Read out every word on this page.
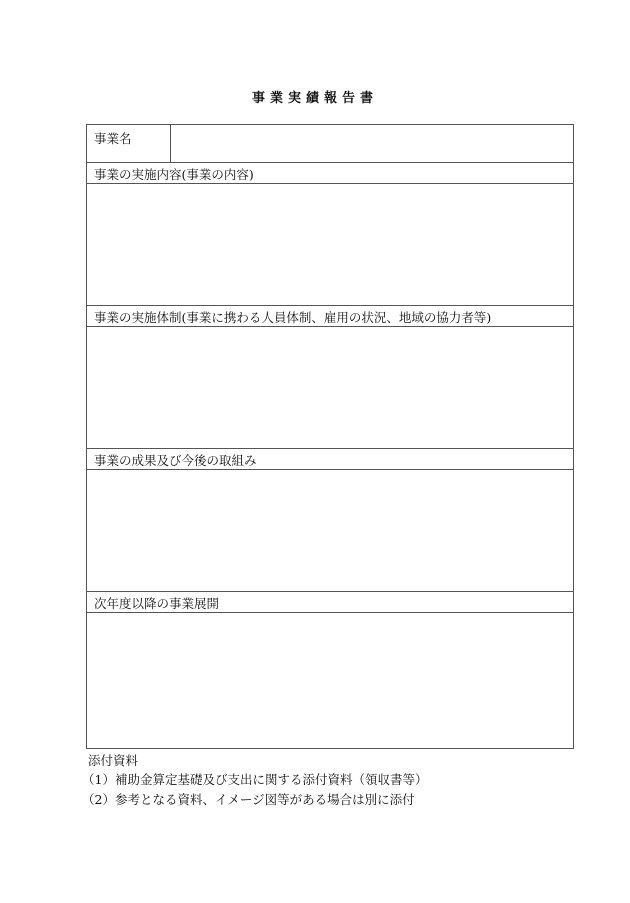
事業実績報告書
事業名
事業の実施内容(事業の内容)
事業の実施体制(事業に携わる人員体制、雇用の状況、地域の協力者等)
事業の成果及び今後の取組み
次年度以降の事業展開
添付資料
（1）補助金算定基礎及び支出に関する添付資料（領収書等）
（2）参考となる資料、イメージ図等がある場合は別に添付
